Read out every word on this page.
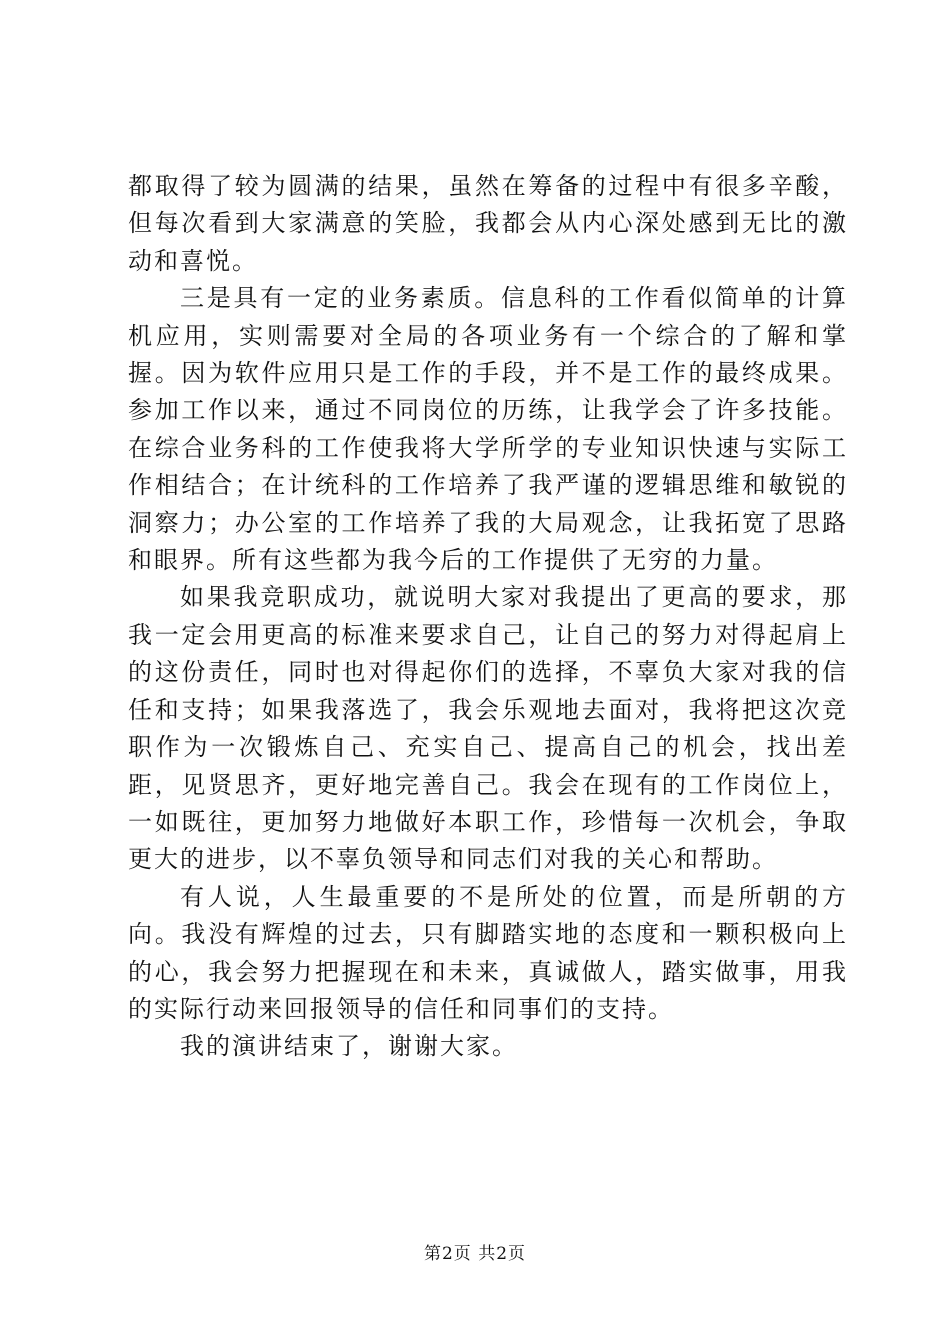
都取得了较为圆满的结果，虽然在筹备的过程中有很多辛酸，但每次看到大家满意的笑脸，我都会从内心深处感到无比的激动和喜悦。

三是具有一定的业务素质。信息科的工作看似简单的计算机应用，实则需要对全局的各项业务有一个综合的了解和掌握。因为软件应用只是工作的手段，并不是工作的最终成果。参加工作以来，通过不同岗位的历练，让我学会了许多技能。在综合业务科的工作使我将大学所学的专业知识快速与实际工作相结合；在计统科的工作培养了我严谨的逻辑思维和敏锐的洞察力；办公室的工作培养了我的大局观念，让我拓宽了思路和眼界。所有这些都为我今后的工作提供了无穷的力量。

如果我竞职成功，就说明大家对我提出了更高的要求，那我一定会用更高的标准来要求自己，让自己的努力对得起肩上的这份责任，同时也对得起你们的选择，不辜负大家对我的信任和支持；如果我落选了，我会乐观地去面对，我将把这次竞职作为一次锻炼自己、充实自己、提高自己的机会，找出差距，见贤思齐，更好地完善自己。我会在现有的工作岗位上，一如既往，更加努力地做好本职工作，珍惜每一次机会，争取更大的进步，以不辜负领导和同志们对我的关心和帮助。

有人说，人生最重要的不是所处的位置，而是所朝的方向。我没有辉煌的过去，只有脚踏实地的态度和一颗积极向上的心，我会努力把握现在和未来，真诚做人，踏实做事，用我的实际行动来回报领导的信任和同事们的支持。

我的演讲结束了，谢谢大家。

第2页 共2页
